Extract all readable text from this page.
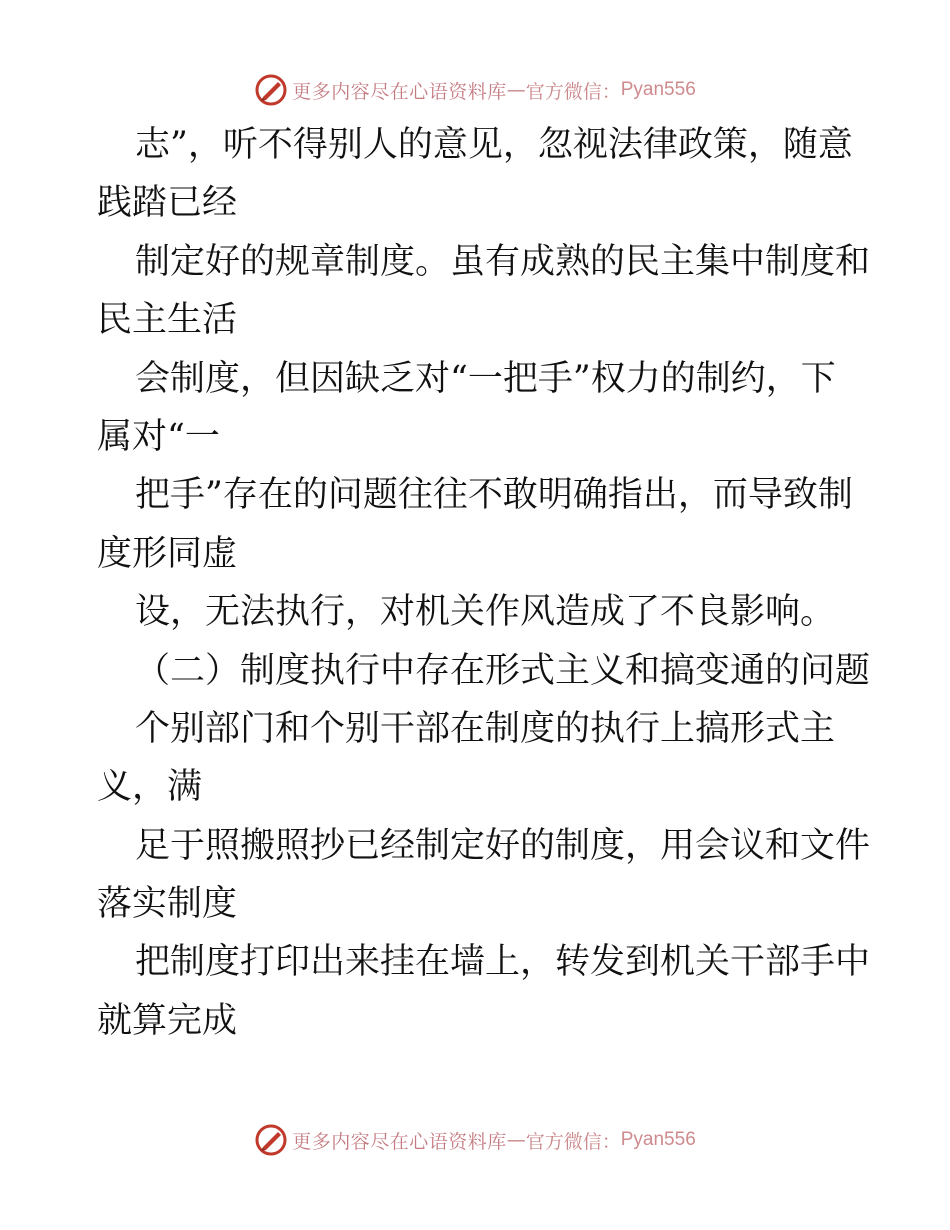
更多内容尽在心语资料库 — 官方微信： Pyan556
志”，听不得别人的意见，忽视法律政策，随意
践踏已经
制定好的规章制度。虽有成熟的民主集中制度和
民主生活
会制度，但因缺乏对“一把手”权力的制约，下
属对“一
把手”存在的问题往往不敢明确指出，而导致制
度形同虚
设，无法执行，对机关作风造成了不良影响。
（二）制度执行中存在形式主义和搞变通的问题
个别部门和个别干部在制度的执行上搞形式主
义，满
足于照搬照抄已经制定好的制度，用会议和文件
落实制度
把制度打印出来挂在墙上，转发到机关干部手中
就算完成
更多内容尽在心语资料库 — 官方微信： Pyan556
